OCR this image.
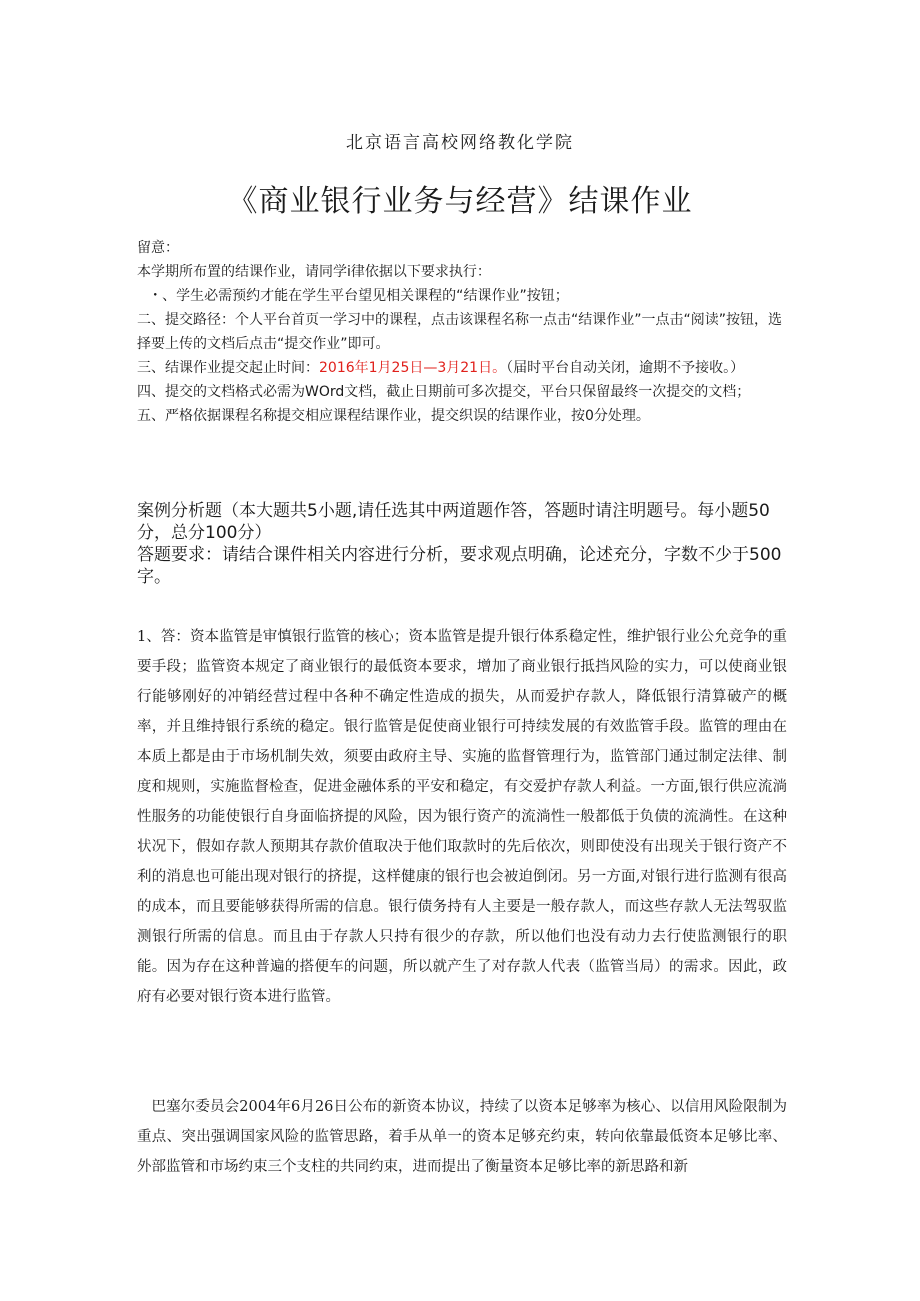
北京语言高校网络教化学院
《商业银行业务与经营》结课作业

留意：

本学期所布置的结课作业，请同学i律依据以下要求执行：

・、学生必需预约才能在学生平台望见相关课程的“结课作业”按钮；

二、提交路径：个人平台首页一学习中的课程，点击该课程名称一点击“结课作业”一点击“阅读”按钮，选择要上传的文档后点击“提交作业”即可。

三、结课作业提交起止时间：2016年1月25日—3月21日。（届时平台自动关闭，逾期不予接收。）

四、提交的文档格式必需为WOrd文档，截止日期前可多次提交，平台只保留最终一次提交的文档；

五、严格依据课程名称提交相应课程结课作业，提交织误的结课作业，按0分处理。

案例分析题（本大题共5小题,请任选其中两道题作答，答题时请注明题号。每小题50分，总分100分）

答题要求：请结合课件相关内容进行分析，要求观点明确，论述充分，字数不少于500字。

1、答：资本监管是审慎银行监管的核心；资本监管是提升银行体系稳定性，维护银行业公允竞争的重要手段；监管资本规定了商业银行的最低资本要求，增加了商业银行抵挡风险的实力，可以使商业银行能够刚好的冲销经营过程中各种不确定性造成的损失，从而爱护存款人，降低银行清算破产的概率，并且维持银行系统的稳定。银行监管是促使商业银行可持续发展的有效监管手段。监管的理由在本质上都是由于市场机制失效，须要由政府主导、实施的监督管理行为，监管部门通过制定法律、制度和规则，实施监督检查，促进金融体系的平安和稳定，有交爱护存款人利益。一方面,银行供应流淌性服务的功能使银行自身面临挤提的风险，因为银行资产的流淌性一般都低于负债的流淌性。在这种状况下，假如存款人预期其存款价值取决于他们取款时的先后依次，则即使没有出现关于银行资产不利的消息也可能出现对银行的挤提，这样健康的银行也会被迫倒闭。另一方面,对银行进行监测有很高的成本，而且要能够获得所需的信息。银行债务持有人主要是一般存款人，而这些存款人无法驾驭监测银行所需的信息。而且由于存款人只持有很少的存款，所以他们也没有动力去行使监测银行的职能。因为存在这种普遍的搭便车的问题，所以就产生了对存款人代表（监管当局）的需求。因此，政府有必要对银行资本进行监管。

巴塞尔委员会2004年6月26日公布的新资本协议，持续了以资本足够率为核心、以信用风险限制为重点、突出强调国家风险的监管思路，着手从单一的资本足够充约束，转向依靠最低资本足够比率、外部监管和市场约束三个支柱的共同约束，进而提出了衡量资本足够比率的新思路和新
